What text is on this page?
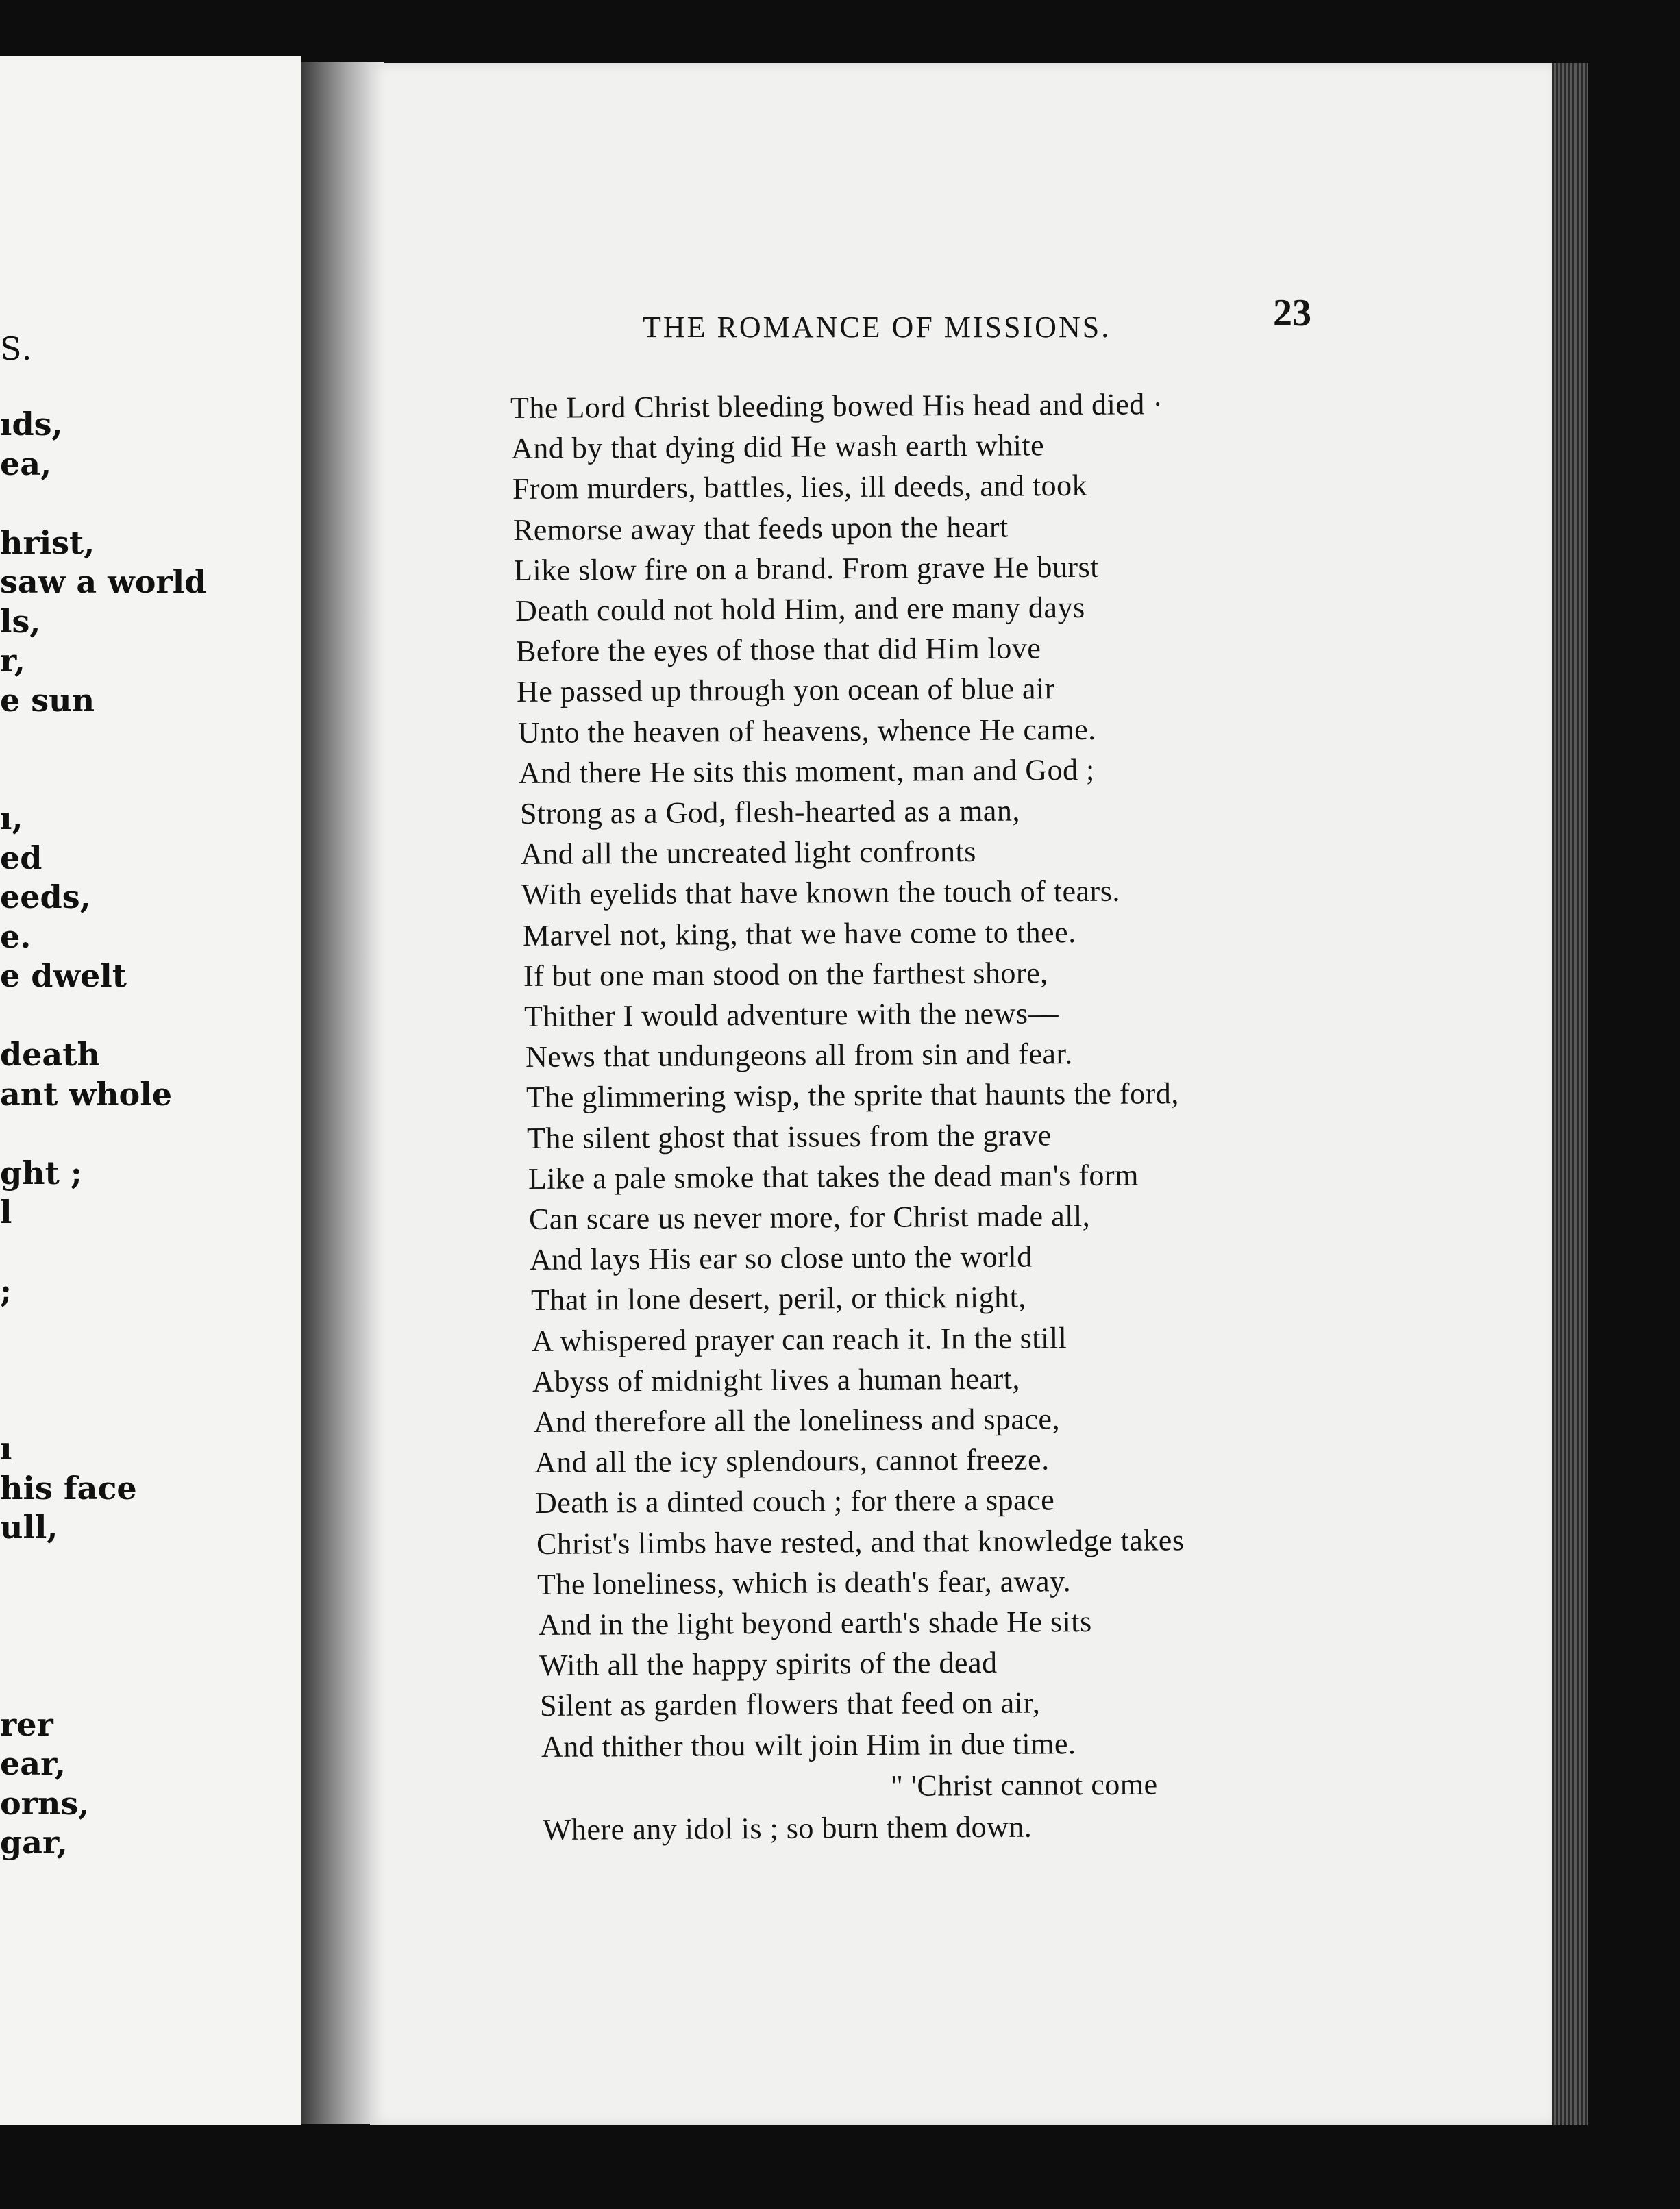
S.
ıds,
ea,
hrist,
saw a world
ls,
r,
e sun
ı,
ed
eeds,
e.
e dwelt
death
ant whole
ght ;
l
;
ı
his face
ull,
rer
ear,
orns,
gar,
THE ROMANCE OF MISSIONS.	23
The Lord Christ bleeding bowed His head and died ·
And by that dying did He wash earth white
From murders, battles, lies, ill deeds, and took
Remorse away that feeds upon the heart
Like slow fire on a brand. From grave He burst
Death could not hold Him, and ere many days
Before the eyes of those that did Him love
He passed up through yon ocean of blue air
Unto the heaven of heavens, whence He came.
And there He sits this moment, man and God ;
Strong as a God, flesh-hearted as a man,
And all the uncreated light confronts
With eyelids that have known the touch of tears.
Marvel not, king, that we have come to thee.
If but one man stood on the farthest shore,
Thither I would adventure with the news—
News that undungeons all from sin and fear.
The glimmering wisp, the sprite that haunts the ford,
The silent ghost that issues from the grave
Like a pale smoke that takes the dead man's form
Can scare us never more, for Christ made all,
And lays His ear so close unto the world
That in lone desert, peril, or thick night,
A whispered prayer can reach it. In the still
Abyss of midnight lives a human heart,
And therefore all the loneliness and space,
And all the icy splendours, cannot freeze.
Death is a dinted couch ; for there a space
Christ's limbs have rested, and that knowledge takes
The loneliness, which is death's fear, away.
And in the light beyond earth's shade He sits
With all the happy spirits of the dead
Silent as garden flowers that feed on air,
And thither thou wilt join Him in due time.
" 'Christ cannot come
Where any idol is ; so burn them down.
